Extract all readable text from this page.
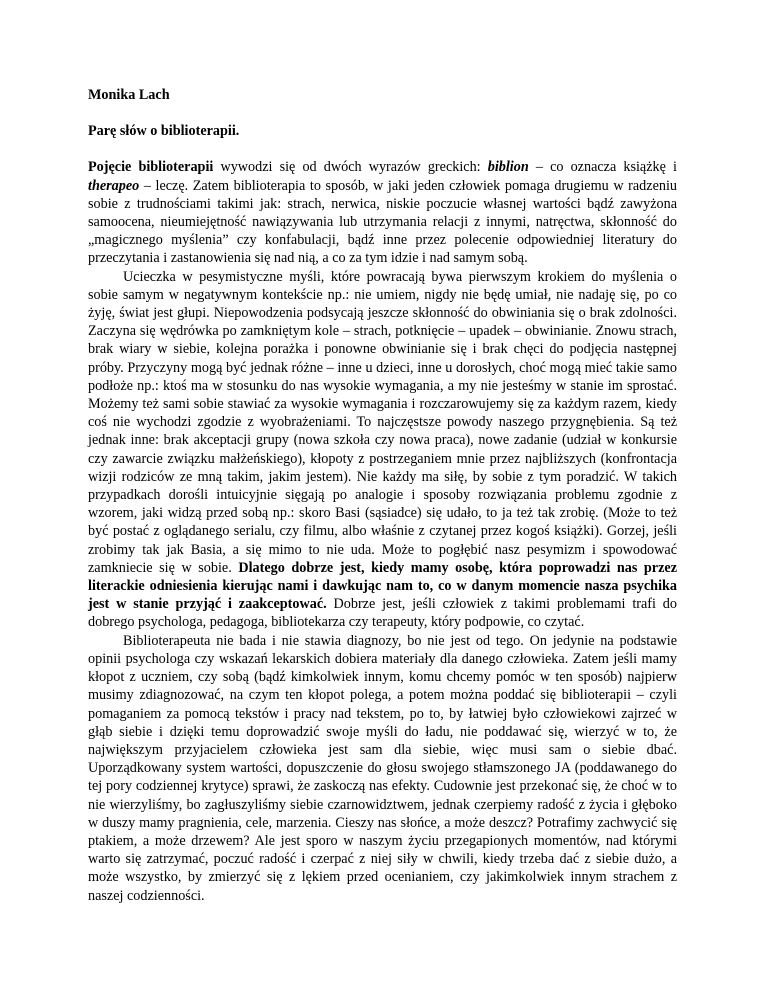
Monika Lach

Parę słów o biblioterapii.

Pojęcie biblioterapii wywodzi się od dwóch wyrazów greckich: biblion – co oznacza książkę i therapeo – leczę. Zatem biblioterapia to sposób, w jaki jeden człowiek pomaga drugiemu w radzeniu sobie z trudnościami takimi jak: strach, nerwica, niskie poczucie własnej wartości bądź zawyżona samoocena, nieumiejętność nawiązywania lub utrzymania relacji z innymi, natręctwa, skłonność do „magicznego myślenia” czy konfabulacji, bądź inne przez polecenie odpowiedniej literatury do przeczytania i zastanowienia się nad nią, a co za tym idzie i nad samym sobą.

Ucieczka w pesymistyczne myśli, które powracają bywa pierwszym krokiem do myślenia o sobie samym w negatywnym kontekście np.: nie umiem, nigdy nie będę umiał, nie nadaję się, po co żyję, świat jest głupi. Niepowodzenia podsycają jeszcze skłonność do obwiniania się o brak zdolności. Zaczyna się wędrówka po zamkniętym kole – strach, potknięcie – upadek – obwinianie. Znowu strach, brak wiary w siebie, kolejna porażka i ponowne obwinianie się i brak chęci do podjęcia następnej próby. Przyczyny mogą być jednak różne – inne u dzieci, inne u dorosłych, choć mogą mieć takie samo podłoże np.: ktoś ma w stosunku do nas wysokie wymagania, a my nie jesteśmy w stanie im sprostać. Możemy też sami sobie stawiać za wysokie wymagania i rozczarowujemy się za każdym razem, kiedy coś nie wychodzi zgodzie z wyobrażeniami. To najczęstsze powody naszego przygnębienia. Są też jednak inne: brak akceptacji grupy (nowa szkoła czy nowa praca), nowe zadanie (udział w konkursie czy zawarcie związku małżeńskiego), kłopoty z postrzeganiem mnie przez najbliższych (konfrontacja wizji rodziców ze mną takim, jakim jestem). Nie każdy ma siłę, by sobie z tym poradzić. W takich przypadkach dorośli intuicyjnie sięgają po analogie i sposoby rozwiązania problemu zgodnie z wzorem, jaki widzą przed sobą np.: skoro Basi (sąsiadce) się udało, to ja też tak zrobię. (Może to też być postać z oglądanego serialu, czy filmu, albo właśnie z czytanej przez kogoś książki). Gorzej, jeśli zrobimy tak jak Basia, a się mimo to nie uda. Może to pogłębić nasz pesymizm i spowodować zamkniecie się w sobie. Dlatego dobrze jest, kiedy mamy osobę, która poprowadzi nas przez literackie odniesienia kierując nami i dawkując nam to, co w danym momencie nasza psychika jest w stanie przyjąć i zaakceptować. Dobrze jest, jeśli człowiek z takimi problemami trafi do dobrego psychologa, pedagoga, bibliotekarza czy terapeuty, który podpowie, co czytać.

Biblioterapeuta nie bada i nie stawia diagnozy, bo nie jest od tego. On jedynie na podstawie opinii psychologa czy wskazań lekarskich dobiera materiały dla danego człowieka. Zatem jeśli mamy kłopot z uczniem, czy sobą (bądź kimkolwiek innym, komu chcemy pomóc w ten sposób) najpierw musimy zdiagnozować, na czym ten kłopot polega, a potem można poddać się biblioterapii – czyli pomaganiem za pomocą tekstów i pracy nad tekstem, po to, by łatwiej było człowiekowi zajrzeć w głąb siebie i dzięki temu doprowadzić swoje myśli do ładu, nie poddawać się, wierzyć w to, że największym przyjacielem człowieka jest sam dla siebie, więc musi sam o siebie dbać. Uporządkowany system wartości, dopuszczenie do głosu swojego stłamszonego JA (poddawanego do tej pory codziennej krytyce) sprawi, że zaskoczą nas efekty. Cudownie jest przekonać się, że choć w to nie wierzyliśmy, bo zagłuszyliśmy siebie czarnowidztwem, jednak czerpiemy radość z życia i głęboko w duszy mamy pragnienia, cele, marzenia. Cieszy nas słońce, a może deszcz? Potrafimy zachwycić się ptakiem, a może drzewem? Ale jest sporo w naszym życiu przegapionych momentów, nad którymi warto się zatrzymać, poczuć radość i czerpać z niej siły w chwili, kiedy trzeba dać z siebie dużo, a może wszystko, by zmierzyć się z lękiem przed ocenianiem, czy jakimkolwiek innym strachem z naszej codzienności.
